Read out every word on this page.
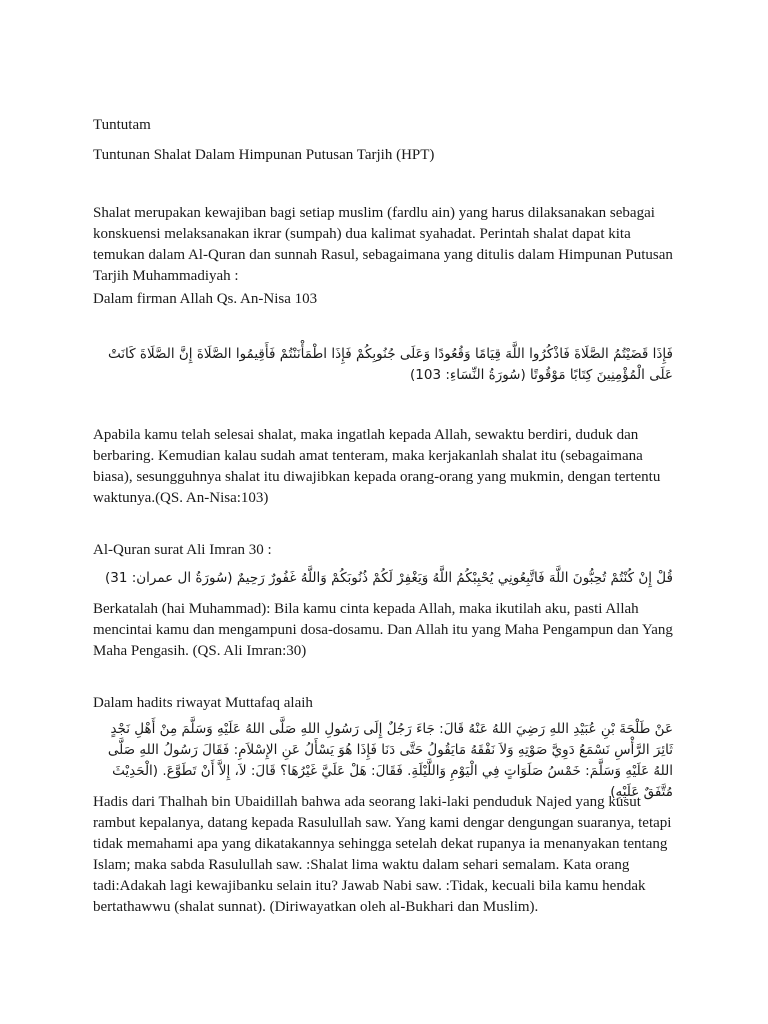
Tuntutam

Tuntunan Shalat Dalam Himpunan Putusan Tarjih (HPT)

Shalat merupakan kewajiban bagi setiap muslim (fardlu ain) yang harus dilaksanakan sebagai konskuensi melaksanakan ikrar (sumpah) dua kalimat syahadat. Perintah shalat dapat kita temukan dalam Al-Quran dan sunnah Rasul, sebagaimana yang ditulis dalam Himpunan Putusan Tarjih Muhammadiyah :

Dalam firman Allah Qs. An-Nisa 103

فَإِذَا قَضَيْتُمُ الصَّلَاةَ فَاذْكُرُوا اللَّهَ قِيَامًا وَقُعُودًا وَعَلَى جُنُوبِكُمْ فَإِذَا اطْمَأْنَنْتُمْ فَأَقِيمُوا الصَّلَاةَ إِنَّ الصَّلَاةَ كَانَتْ عَلَى الْمُؤْمِنِينَ كِتَابًا مَوْقُوتًا (سُورَةُ النِّسَاءِ: 103)

Apabila kamu telah selesai shalat, maka ingatlah kepada Allah, sewaktu berdiri, duduk dan berbaring. Kemudian kalau sudah amat tenteram, maka kerjakanlah shalat itu (sebagaimana biasa), sesungguhnya shalat itu diwajibkan kepada orang-orang yang mukmin, dengan tertentu waktunya.(QS. An-Nisa:103)

Al-Quran surat Ali Imran 30 :

قُلْ إِنْ كُنْتُمْ تُحِبُّونَ اللَّهَ فَاتَّبِعُونِي يُحْبِبْكُمُ اللَّهُ وَيَغْفِرْ لَكُمْ ذُنُوبَكُمْ وَاللَّهُ غَفُورٌ رَحِيمٌ (سُورَةُ ال عمران: 31)

Berkatalah (hai Muhammad): Bila kamu cinta kepada Allah, maka ikutilah aku, pasti Allah mencintai kamu dan mengampuni dosa-dosamu. Dan Allah itu yang Maha Pengampun dan Yang Maha Pengasih. (QS. Ali Imran:30)

Dalam hadits riwayat Muttafaq alaih

عَنْ طَلْحَةَ بْنِ عُبَيْدِ اللهِ رَضِيَ اللهُ عَنْهُ قَالَ: جَاءَ رَجُلٌ إِلَى رَسُولِ اللهِ صَلَّى اللهُ عَلَيْهِ وَسَلَّمَ مِنْ أَهْلِ نَجْدٍ ثَائِرَ الرَّأْسِ نَسْمَعُ دَوِيَّ صَوْتِهِ وَلاَ نَفْقَهُ مَايَقُولُ حَتَّى دَنَا فَإِذَا هُوَ يَسْأَلُ عَنِ الإِسْلاَمِ: فَقَالَ رَسُولُ اللهِ صَلَّى اللهُ عَلَيْهِ وَسَلَّمَ: خَمْسُ صَلَوَاتٍ فِي الْيَوْمِ وَاللَّيْلَةِ. فَقَالَ: هَلْ عَلَيَّ غَيْرُهَا؟ قَالَ: لاَ، إِلاَّ أَنْ تَطَوَّعَ. (الْحَدِيْثَ مُتَّفَقٌ عَلَيْهِ)

Hadis dari Thalhah bin Ubaidillah bahwa ada seorang laki-laki penduduk Najed yang kusut rambut kepalanya, datang kepada Rasulullah saw. Yang kami dengar dengungan suaranya, tetapi tidak memahami apa yang dikatakannya sehingga setelah dekat rupanya ia menanyakan tentang Islam; maka sabda Rasulullah saw. :Shalat lima waktu dalam sehari semalam. Kata orang tadi:Adakah lagi kewajibanku selain itu? Jawab Nabi saw. :Tidak, kecuali bila kamu hendak bertathawwu (shalat sunnat). (Diriwayatkan oleh al-Bukhari dan Muslim).
